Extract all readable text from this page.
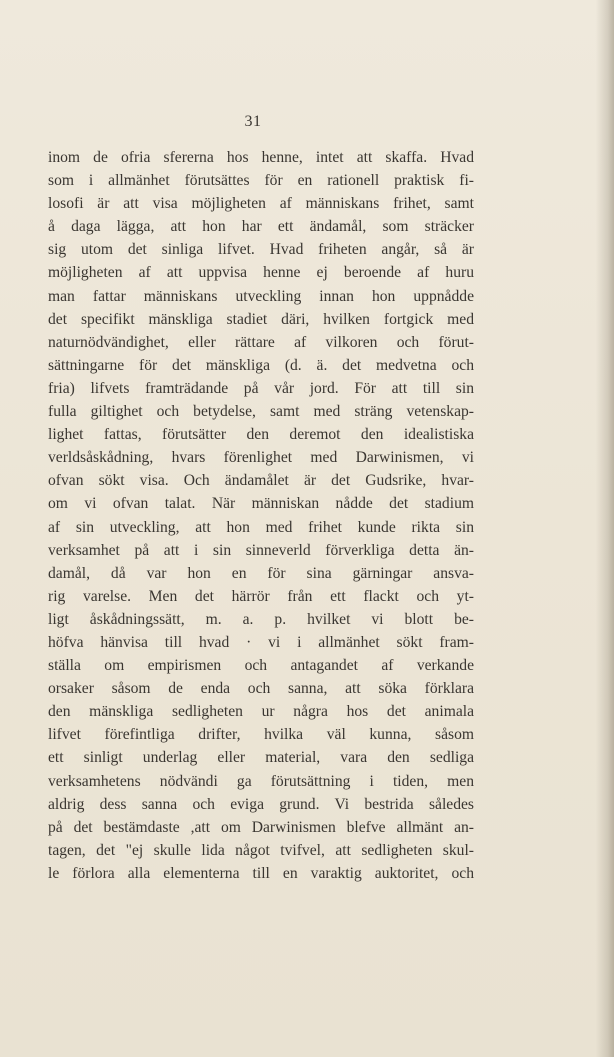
31
inom de ofria sfererna hos henne, intet att skaffa. Hvad
som i allmänhet förutsättes för en rationell praktisk fi-
losofi är att visa möjligheten af människans frihet, samt
å daga lägga, att hon har ett ändamål, som sträcker
sig utom det sinliga lifvet. Hvad friheten angår, så är
möjligheten af att uppvisa henne ej beroende af huru
man fattar människans utveckling innan hon uppnådde
det specifikt mänskliga stadiet däri, hvilken fortgick med
naturnödvändighet, eller rättare af vilkoren och förut-
sättningarne för det mänskliga (d. ä. det medvetna och
fria) lifvets framträdande på vår jord. För att till sin
fulla giltighet och betydelse, samt med sträng vetenskap-
lighet fattas, förutsätter den deremot den idealistiska
verldsåskådning, hvars förenlighet med Darwinismen, vi
ofvan sökt visa. Och ändamålet är det Gudsrike, hvar-
om vi ofvan talat. När människan nådde det stadium
af sin utveckling, att hon med frihet kunde rikta sin
verksamhet på att i sin sinneverld förverkliga detta än-
damål, då var hon en för sina gärningar ansva-
rig varelse. Men det härrör från ett flackt och yt-
ligt åskådningssätt, m. a. p. hvilket vi blott be-
höfva hänvisa till hvad · vi i allmänhet sökt fram-
ställa om empirismen och antagandet af verkande
orsaker såsom de enda och sanna, att söka förklara
den mänskliga sedligheten ur några hos det animala
lifvet förefintliga drifter, hvilka väl kunna, såsom
ett sinligt underlag eller material, vara den sedliga
verksamhetens nödvändi ga förutsättning i tiden, men
aldrig dess sanna och eviga grund. Vi bestrida således
på det bestämdaste ,att om Darwinismen blefve allmänt an-
tagen, det "ej skulle lida något tvifvel, att sedligheten skul-
le förlora alla elementerna till en varaktig auktoritet, och
